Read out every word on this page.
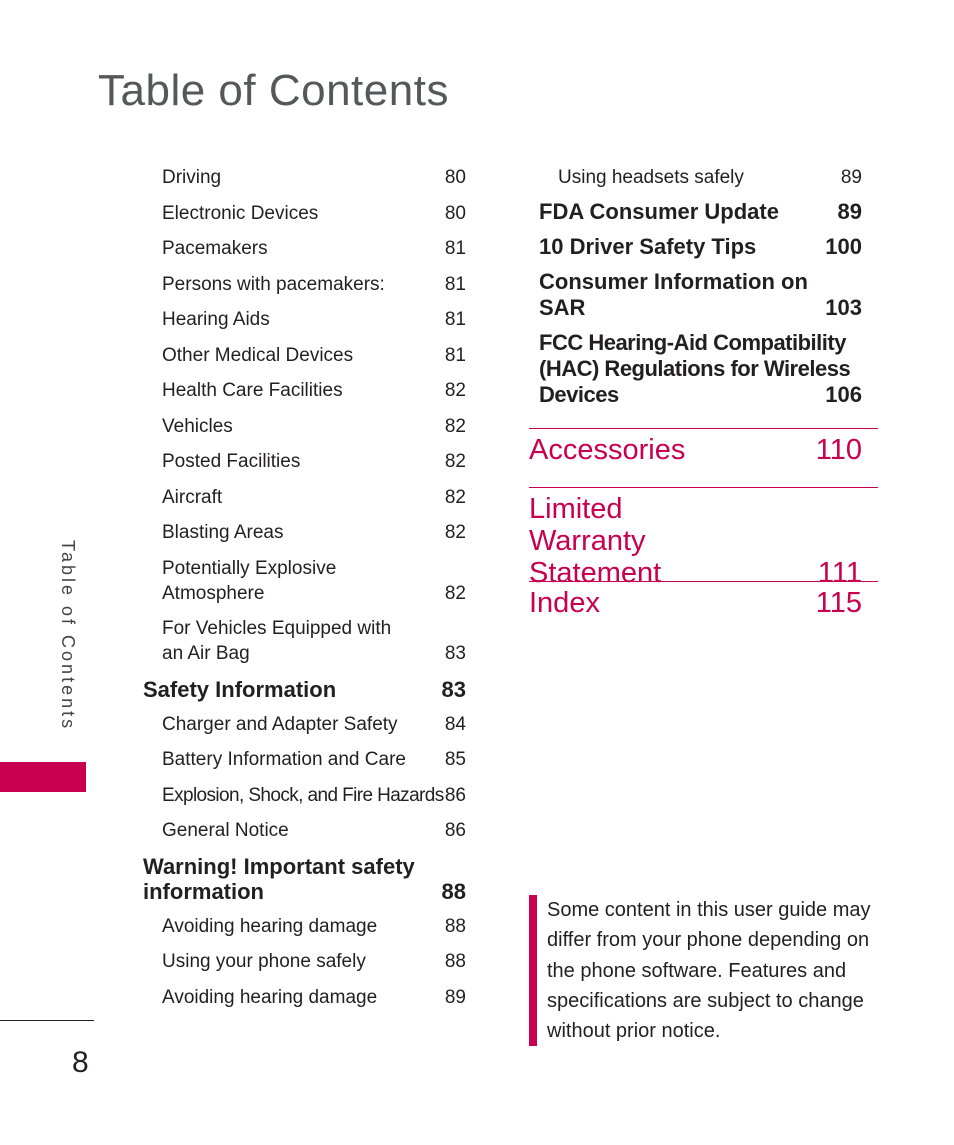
Table of Contents
Table of Contents
8
Driving	80
Electronic Devices	80
Pacemakers	81
Persons with pacemakers:	81
Hearing Aids	81
Other Medical Devices	81
Health Care Facilities	82
Vehicles	82
Posted Facilities	82
Aircraft	82
Blasting Areas	82
Potentially Explosive Atmosphere	82
For Vehicles Equipped with an Air Bag	83
Safety Information	83
Charger and Adapter Safety 84
Battery Information and Care 85
Explosion, Shock, and Fire Hazards 86
General Notice	86
Warning! Important safety information	88
Avoiding hearing damage	88
Using your phone safely	88
Avoiding hearing damage	89
Using headsets safely	89
FDA Consumer Update	89
10 Driver Safety Tips	100
Consumer Information on SAR	103
FCC Hearing-Aid Compatibility (HAC) Regulations for Wireless Devices	106
Accessories	110
Limited Warranty Statement	111
Index	115
Some content in this user guide may differ from your phone depending on the phone software. Features and specifications are subject to change without prior notice.
